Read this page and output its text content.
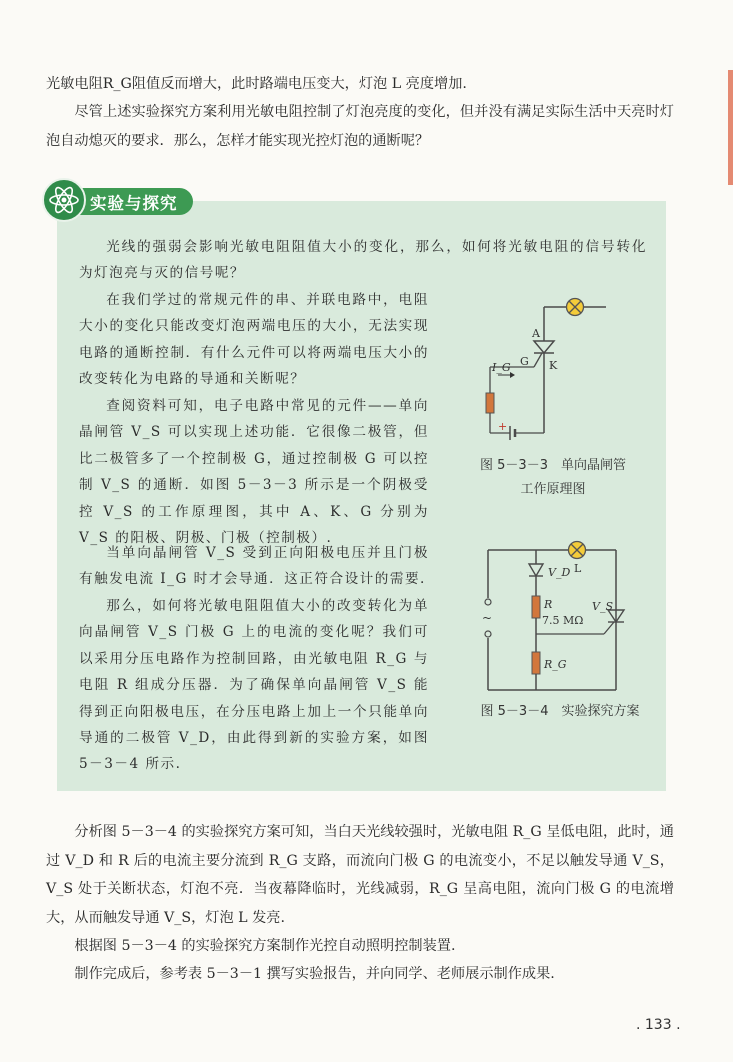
光敏电阻R_G阻值反而增大，此时路端电压变大，灯泡 L 亮度增加.

尽管上述实验探究方案利用光敏电阻控制了灯泡亮度的变化，但并没有满足实际生活中天亮时灯泡自动熄灭的要求．那么，怎样才能实现光控灯泡的通断呢？

实验与探究

光线的强弱会影响光敏电阻阻值大小的变化，那么，如何将光敏电阻的信号转化为灯泡亮与灭的信号呢？

在我们学过的常规元件的串、并联电路中，电阻大小的变化只能改变灯泡两端电压的大小，无法实现电路的通断控制．有什么元件可以将两端电压大小的改变转化为电路的导通和关断呢？

查阅资料可知，电子电路中常见的元件——单向晶闸管 V_S 可以实现上述功能．它很像二极管，但比二极管多了一个控制极 G，通过控制极 G 可以控制 V_S 的通断．如图 5－3－3 所示是一个阴极受控 V_S 的工作原理图，其中 A、K、G 分别为 V_S 的阳极、阴极、门极（控制极）.

当单向晶闸管 V_S 受到正向阳极电压并且门极有触发电流 I_G 时才会导通．这正符合设计的需要.

那么，如何将光敏电阻阻值大小的改变转化为单向晶闸管 V_S 门极 G 上的电流的变化呢？我们可以采用分压电路作为控制回路，由光敏电阻 R_G 与电阻 R 组成分压器．为了确保单向晶闸管 V_S 能得到正向阳极电压，在分压电路上加上一个只能单向导通的二极管 V_D，由此得到新的实验方案，如图 5－3－4 所示.

A
K
G
I_G
+
图 5－3－3　单向晶闸管工作原理图
V_D L
R
7.5 MΩ
V_S
R_G
~
图 5－3－4　实验探究方案

分析图 5－3－4 的实验探究方案可知，当白天光线较强时，光敏电阻 R_G 呈低电阻，此时，通过 V_D 和 R 后的电流主要分流到 R_G 支路，而流向门极 G 的电流变小，不足以触发导通 V_S，V_S 处于关断状态，灯泡不亮．当夜幕降临时，光线减弱，R_G 呈高电阻，流向门极 G 的电流增大，从而触发导通 V_S，灯泡 L 发亮.

根据图 5－3－4 的实验探究方案制作光控自动照明控制装置.

制作完成后，参考表 5－3－1 撰写实验报告，并向同学、老师展示制作成果.

. 133 .
